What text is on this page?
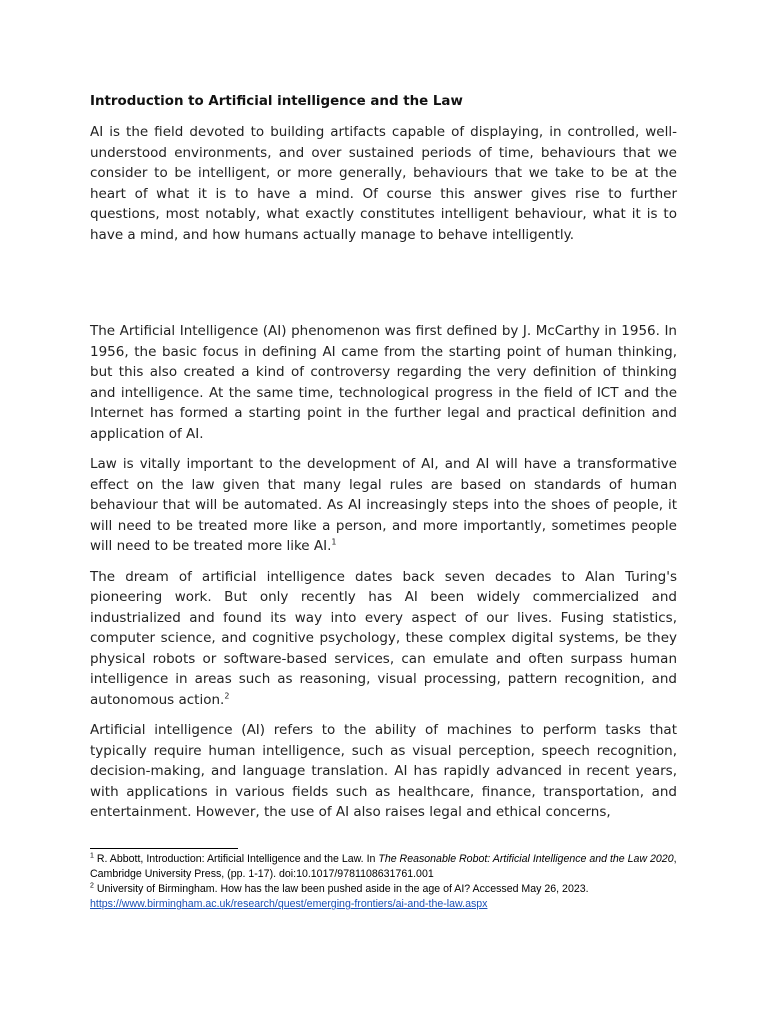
Introduction to Artificial intelligence and the Law

AI is the field devoted to building artifacts capable of displaying, in controlled, well-understood environments, and over sustained periods of time, behaviours that we consider to be intelligent, or more generally, behaviours that we take to be at the heart of what it is to have a mind. Of course this answer gives rise to further questions, most notably, what exactly constitutes intelligent behaviour, what it is to have a mind, and how humans actually manage to behave intelligently.

The Artificial Intelligence (AI) phenomenon was first defined by J. McCarthy in 1956. In 1956, the basic focus in defining AI came from the starting point of human thinking, but this also created a kind of controversy regarding the very definition of thinking and intelligence. At the same time, technological progress in the field of ICT and the Internet has formed a starting point in the further legal and practical definition and application of AI.

Law is vitally important to the development of AI, and AI will have a transformative effect on the law given that many legal rules are based on standards of human behaviour that will be automated. As AI increasingly steps into the shoes of people, it will need to be treated more like a person, and more importantly, sometimes people will need to be treated more like AI.$^1$

The dream of artificial intelligence dates back seven decades to Alan Turing's pioneering work. But only recently has AI been widely commercialized and industrialized and found its way into every aspect of our lives. Fusing statistics, computer science, and cognitive psychology, these complex digital systems, be they physical robots or software-based services, can emulate and often surpass human intelligence in areas such as reasoning, visual processing, pattern recognition, and autonomous action.$^2$

Artificial intelligence (AI) refers to the ability of machines to perform tasks that typically require human intelligence, such as visual perception, speech recognition, decision-making, and language translation. AI has rapidly advanced in recent years, with applications in various fields such as healthcare, finance, transportation, and entertainment. However, the use of AI also raises legal and ethical concerns,

$^1$ R. Abbott, Introduction: Artificial Intelligence and the Law. In The Reasonable Robot: Artificial Intelligence and the Law 2020, Cambridge University Press, (pp. 1-17). doi:10.1017/9781108631761.001

$^2$ University of Birmingham. How has the law been pushed aside in the age of AI? Accessed May 26, 2023.
https://www.birmingham.ac.uk/research/quest/emerging-frontiers/ai-and-the-law.aspx
